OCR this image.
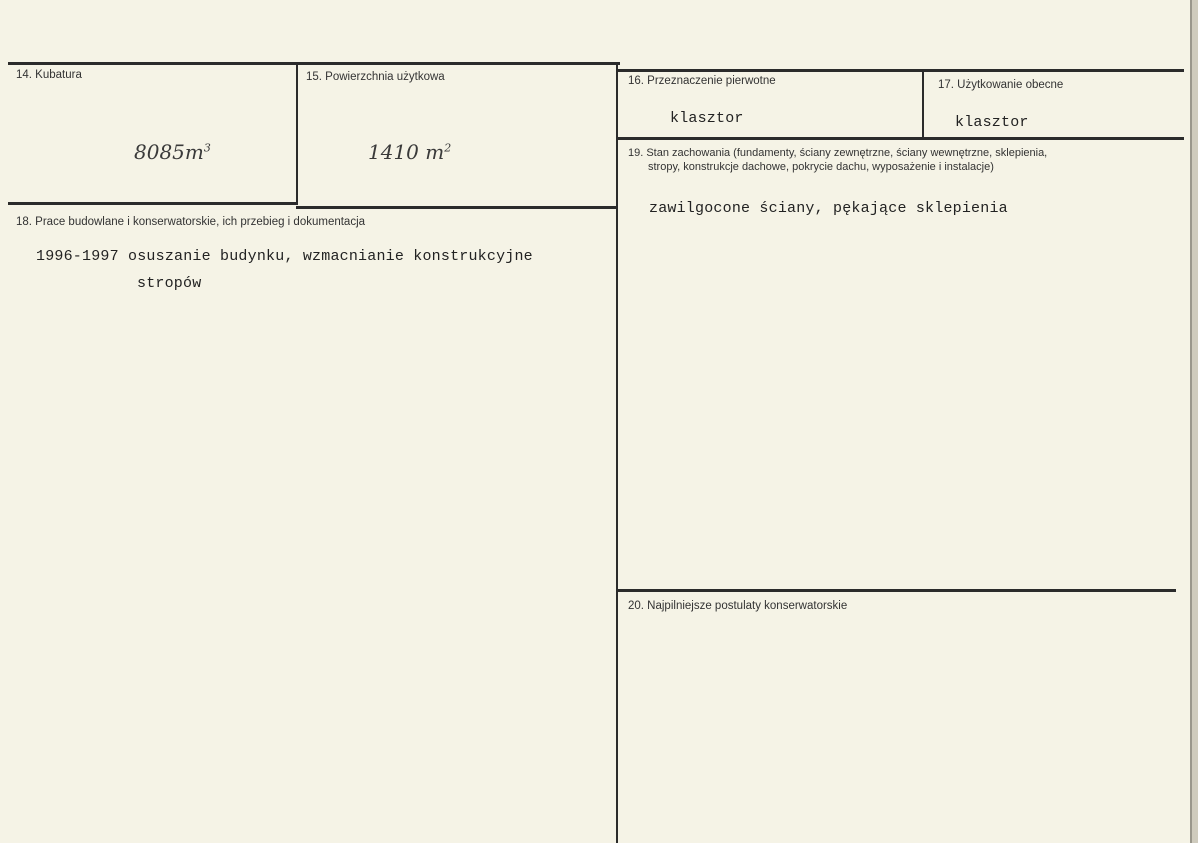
14. Kubatura
$8085m^3$
15. Powierzchnia użytkowa
1410 $m^2$
16. Przeznaczenie pierwotne
klasztor
17. Użytkowanie obecne
klasztor
18. Prace budowlane i konserwatorskie, ich przebieg i dokumentacja
1996-1997 osuszanie budynku, wzmacnianie konstrukcyjne
stropów
19. Stan zachowania (fundamenty, ściany zewnętrzne, ściany wewnętrzne, sklepienia,
stropy, konstrukcje dachowe, pokrycie dachu, wyposażenie i instalacje)
zawilgocone ściany, pękające sklepienia
20. Najpilniejsze postulaty konserwatorskie
